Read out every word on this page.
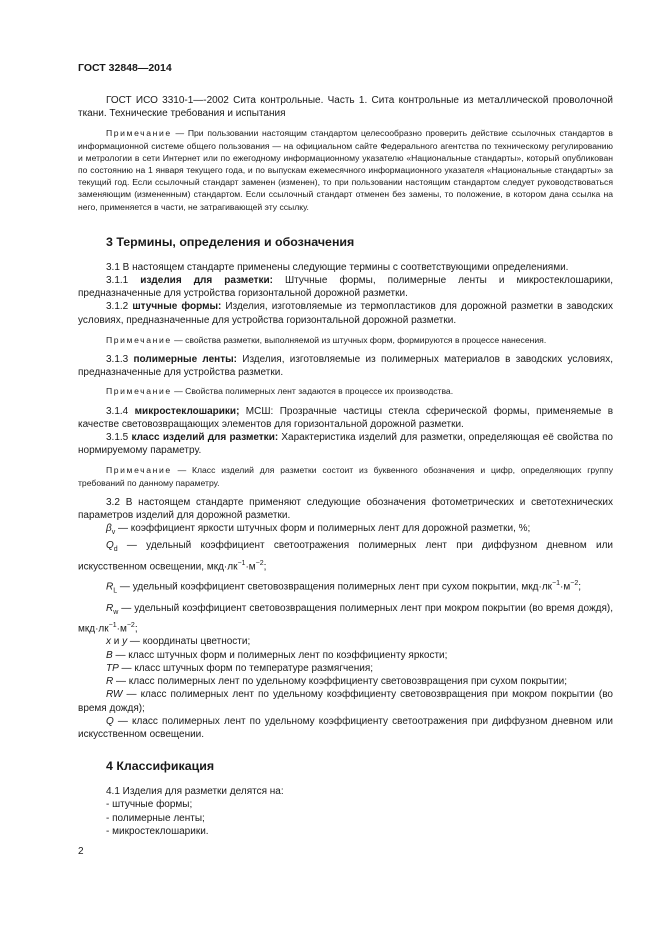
ГОСТ 32848—2014

ГОСТ ИСО 3310-1—-2002 Сита контрольные. Часть 1. Сита контрольные из металлической проволочной ткани. Технические требования и испытания

Примечание — При пользовании настоящим стандартом целесообразно проверить действие ссылочных стандартов в информационной системе общего пользования — на официальном сайте Федерального агентства по техническому регулированию и метрологии в сети Интернет или по ежегодному информационному указателю «Национальные стандарты», который опубликован по состоянию на 1 января текущего года, и по выпускам ежемесячного информационного указателя «Национальные стандарты» за текущий год. Если ссылочный стандарт заменен (изменен), то при пользовании настоящим стандартом следует руководствоваться заменяющим (измененным) стандартом. Если ссылочный стандарт отменен без замены, то положение, в котором дана ссылка на него, применяется в части, не затрагивающей эту ссылку.

3 Термины, определения и обозначения

3.1 В настоящем стандарте применены следующие термины с соответствующими определениями.

3.1.1 изделия для разметки: Штучные формы, полимерные ленты и микростеклошарики, предназначенные для устройства горизонтальной дорожной разметки.

3.1.2 штучные формы: Изделия, изготовляемые из термопластиков для дорожной разметки в заводских условиях, предназначенные для устройства горизонтальной дорожной разметки.

Примечание — свойства разметки, выполняемой из штучных форм, формируются в процессе нанесения.

3.1.3 полимерные ленты: Изделия, изготовляемые из полимерных материалов в заводских условиях, предназначенные для устройства разметки.

Примечание — Свойства полимерных лент задаются в процессе их производства.

3.1.4 микростеклошарики; МСШ: Прозрачные частицы стекла сферической формы, применяемые в качестве световозвращающих элементов для горизонтальной дорожной разметки.

3.1.5 класс изделий для разметки: Характеристика изделий для разметки, определяющая её свойства по нормируемому параметру.

Примечание — Класс изделий для разметки состоит из буквенного обозначения и цифр, определяющих группу требований по данному параметру.

3.2 В настоящем стандарте применяют следующие обозначения фотометрических и светотехнических параметров изделий для дорожной разметки.

$\beta_v$ — коэффициент яркости штучных форм и полимерных лент для дорожной разметки, %;

$Q_d$ — удельный коэффициент светоотражения полимерных лент при диффузном дневном или искусственном освещении, $мкд\cdot лк^{-1}\cdot м^{-2}$;

$R_L$ — удельный коэффициент световозвращения полимерных лент при сухом покрытии, $мкд\cdot лк^{-1}\cdot м^{-2}$;

$R_w$ — удельный коэффициент световозвращения полимерных лент при мокром покрытии (во время дождя), $мкд\cdot лк^{-1}\cdot м^{-2}$;

x и y — координаты цветности;

B — класс штучных форм и полимерных лент по коэффициенту яркости;

TP — класс штучных форм по температуре размягчения;

R — класс полимерных лент по удельному коэффициенту световозвращения при сухом покрытии;

RW — класс полимерных лент по удельному коэффициенту световозвращения при мокром покрытии (во время дождя);

Q — класс полимерных лент по удельному коэффициенту светоотражения при диффузном дневном или искусственном освещении.

4 Классификация

4.1 Изделия для разметки делятся на:

- штучные формы;

- полимерные ленты;

- микростеклошарики.

2
